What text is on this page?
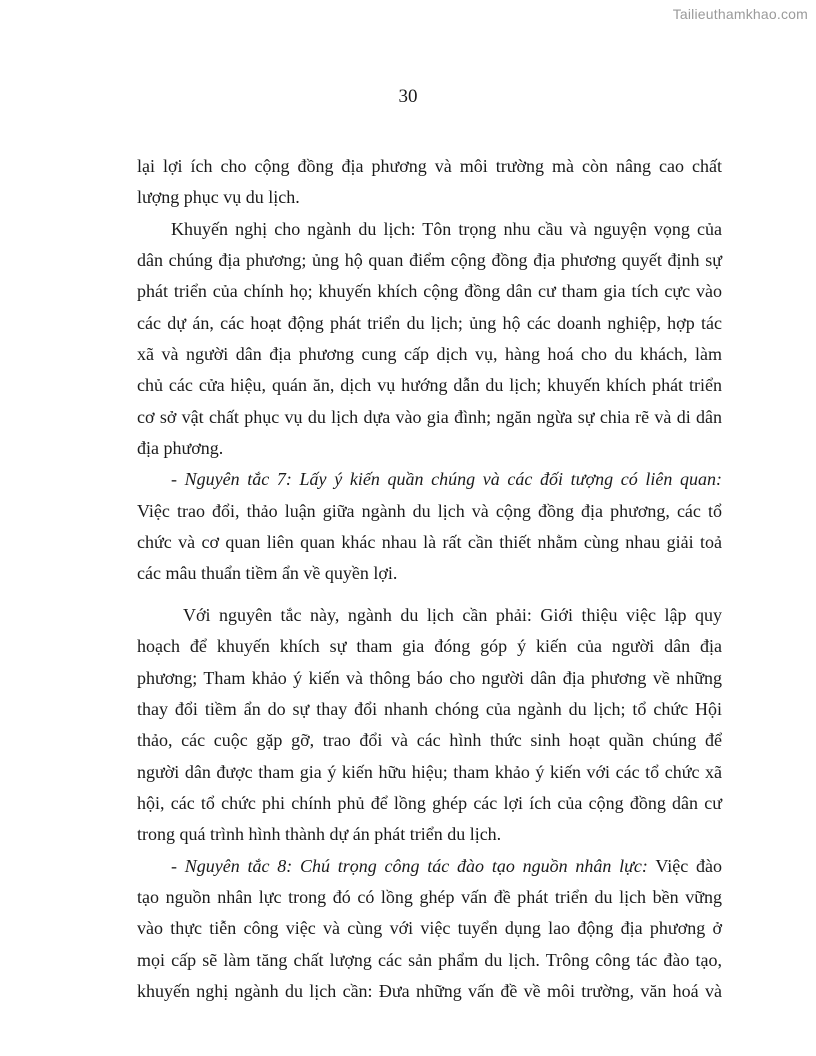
Tailieuthamkhao.com
30
lại lợi ích cho cộng đồng địa phương và môi trường mà còn nâng cao chất
lượng phục vụ du lịch.
Khuyến nghị cho ngành du lịch: Tôn trọng nhu cầu và nguyện vọng của
dân chúng địa phương; ủng hộ quan điểm cộng đồng địa phương quyết định sự
phát triển của chính họ; khuyến khích cộng đồng dân cư tham gia tích cực vào
các dự án, các hoạt động phát triển du lịch; ủng hộ các doanh nghiệp, hợp tác
xã và người dân địa phương cung cấp dịch vụ, hàng hoá cho du khách, làm
chủ các cửa hiệu, quán ăn, dịch vụ hướng dẫn du lịch; khuyến khích phát triển
cơ sở vật chất phục vụ du lịch dựa vào gia đình; ngăn ngừa sự chia rẽ và di dân
địa phương.
- Nguyên tắc 7: Lấy ý kiến quần chúng và các đối tượng có liên quan:
Việc trao đổi, thảo luận giữa ngành du lịch và cộng đồng địa phương, các tổ
chức và cơ quan liên quan khác nhau là rất cần thiết nhằm cùng nhau giải toả
các mâu thuẩn tiềm ẩn về quyền lợi.
Với nguyên tắc này, ngành du lịch cần phải: Giới thiệu việc lập quy
hoạch để khuyến khích sự tham gia đóng góp ý kiến của người dân địa
phương; Tham khảo ý kiến và thông báo cho người dân địa phương về những
thay đổi tiềm ẩn do sự thay đổi nhanh chóng của ngành du lịch; tổ chức Hội
thảo, các cuộc gặp gỡ, trao đổi và các hình thức sinh hoạt quần chúng để
người dân được tham gia ý kiến hữu hiệu; tham khảo ý kiến với các tổ chức xã
hội, các tổ chức phi chính phủ để lồng ghép các lợi ích của cộng đồng dân cư
trong quá trình hình thành dự án phát triển du lịch.
- Nguyên tắc 8: Chú trọng công tác đào tạo nguồn nhân lực: Việc đào
tạo nguồn nhân lực trong đó có lồng ghép vấn đề phát triển du lịch bền vững
vào thực tiễn công việc và cùng với việc tuyển dụng lao động địa phương ở
mọi cấp sẽ làm tăng chất lượng các sản phẩm du lịch. Trông công tác đào tạo,
khuyến nghị ngành du lịch cần: Đưa những vấn đề về môi trường, văn hoá và
